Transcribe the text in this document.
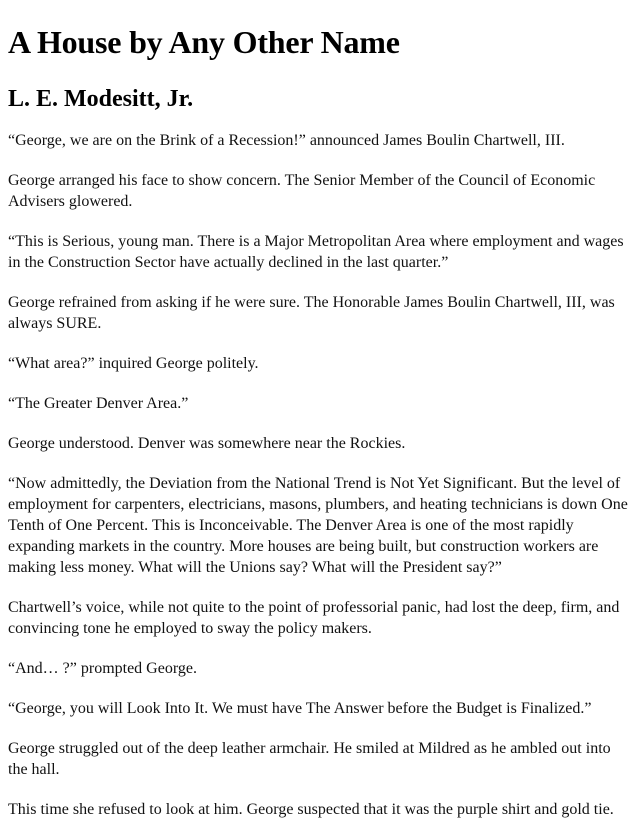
A House by Any Other Name
L. E. Modesitt, Jr.

“George, we are on the Brink of a Recession!” announced James Boulin Chartwell, III.

George arranged his face to show concern. The Senior Member of the Council of Economic Advisers glowered.

“This is Serious, young man. There is a Major Metropolitan Area where employment and wages in the Construction Sector have actually declined in the last quarter.”

George refrained from asking if he were sure. The Honorable James Boulin Chartwell, III, was always SURE.

“What area?” inquired George politely.

“The Greater Denver Area.”

George understood. Denver was somewhere near the Rockies.

“Now admittedly, the Deviation from the National Trend is Not Yet Significant. But the level of employment for carpenters, electricians, masons, plumbers, and heating technicians is down One Tenth of One Percent. This is Inconceivable. The Denver Area is one of the most rapidly expanding markets in the country. More houses are being built, but construction workers are making less money. What will the Unions say? What will the President say?”

Chartwell’s voice, while not quite to the point of professorial panic, had lost the deep, firm, and convincing tone he employed to sway the policy makers.

“And… ?” prompted George.

“George, you will Look Into It. We must have The Answer before the Budget is Finalized.”

George struggled out of the deep leather armchair. He smiled at Mildred as he ambled out into the hall.

This time she refused to look at him. George suspected that it was the purple shirt and gold tie.
